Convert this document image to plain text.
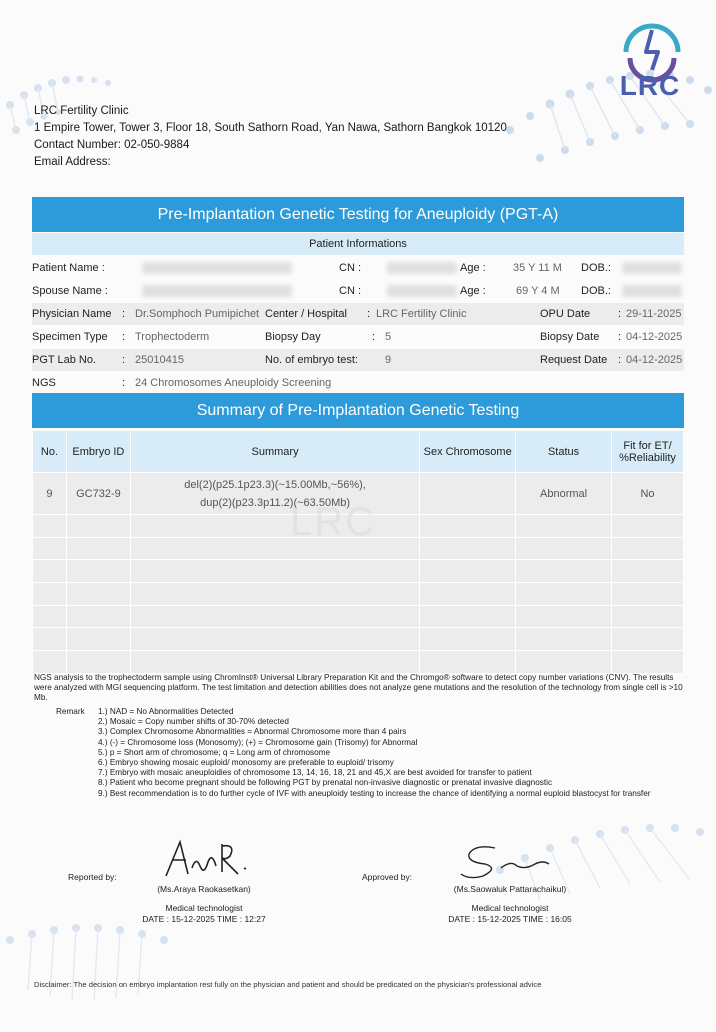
LRC
LRC Fertility Clinic
1 Empire Tower, Tower 3, Floor 18, South Sathorn Road, Yan Nawa, Sathorn Bangkok 10120
Contact Number: 02-050-9884
Email Address:
Pre-Implantation Genetic Testing for Aneuploidy (PGT-A)
Patient Informations
Patient Name :	CN :	Age : 35 Y 11 M DOB.:
Spouse Name :	CN :	Age :	69 Y 4 M DOB.:
Physician Name : Dr.Somphoch Pumipichet Center / Hospital : LRC Fertility Clinic	OPU Date	: 29-11-2025
Specimen Type : Trophectoderm	Biopsy Day	: 5	Biopsy Date : 04-12-2025
PGT Lab No. : 25010415	No. of embryo test: 9	Request Date : 04-12-2025
NGS	: 24 Chromosomes Aneuploidy Screening
Summary of Pre-Implantation Genetic Testing
No.	Embryo ID	Summary	Sex Chromosome	Status	Fit for ET/ %Reliability
9	GC732-9	del(2)(p25.1p23.3)(~15.00Mb,~56%),
dup(2)(p23.3p11.2)(~63.50Mb)		Abnormal	No

LRC
NGS analysis to the trophectoderm sample using ChromInst® Universal Library Preparation Kit and the Chromgo® software to detect copy number variations (CNV). The results were analyzed with MGI sequencing platform. The test limitation and detection abilities does not analyze gene mutations and the resolution of the technology from single cell is >10 Mb.
Remark 1.) NAD = No Abnormalities Detected
2.) Mosaic = Copy number shifts of 30-70% detected
3.) Complex Chromosome Abnormalities = Abnormal Chromosome more than 4 pairs
4.) (-) = Chromosome loss (Monosomy); (+) = Chromosome gain (Trisomy) for Abnormal
5.) p = Short arm of chromosome; q = Long arm of chromosome
6.) Embryo showing mosaic euploid/ monosomy are preferable to euploid/ trisomy
7.) Embryo with mosaic aneuploidies of chromosome 13, 14, 16, 18, 21 and 45,X are best avoided for transfer to patient
8.) Patient who become pregnant should be following PGT by prenatal non-invasive diagnostic or prenatal invasive diagnostic
9.) Best recommendation is to do further cycle of IVF with aneuploidy testing to increase the chance of identifying a normal euploid blastocyst for transfer
Reported by:
(Ms.Araya Raokasetkan)
Medical technologist
DATE : 15-12-2025 TIME : 12:27
Approved by:
(Ms.Saowaluk Pattarachaikul)
Medical technologist
DATE : 15-12-2025 TIME : 16:05
Disclaimer: The decision on embryo implantation rest fully on the physician and patient and should be predicated on the physician's professional advice
